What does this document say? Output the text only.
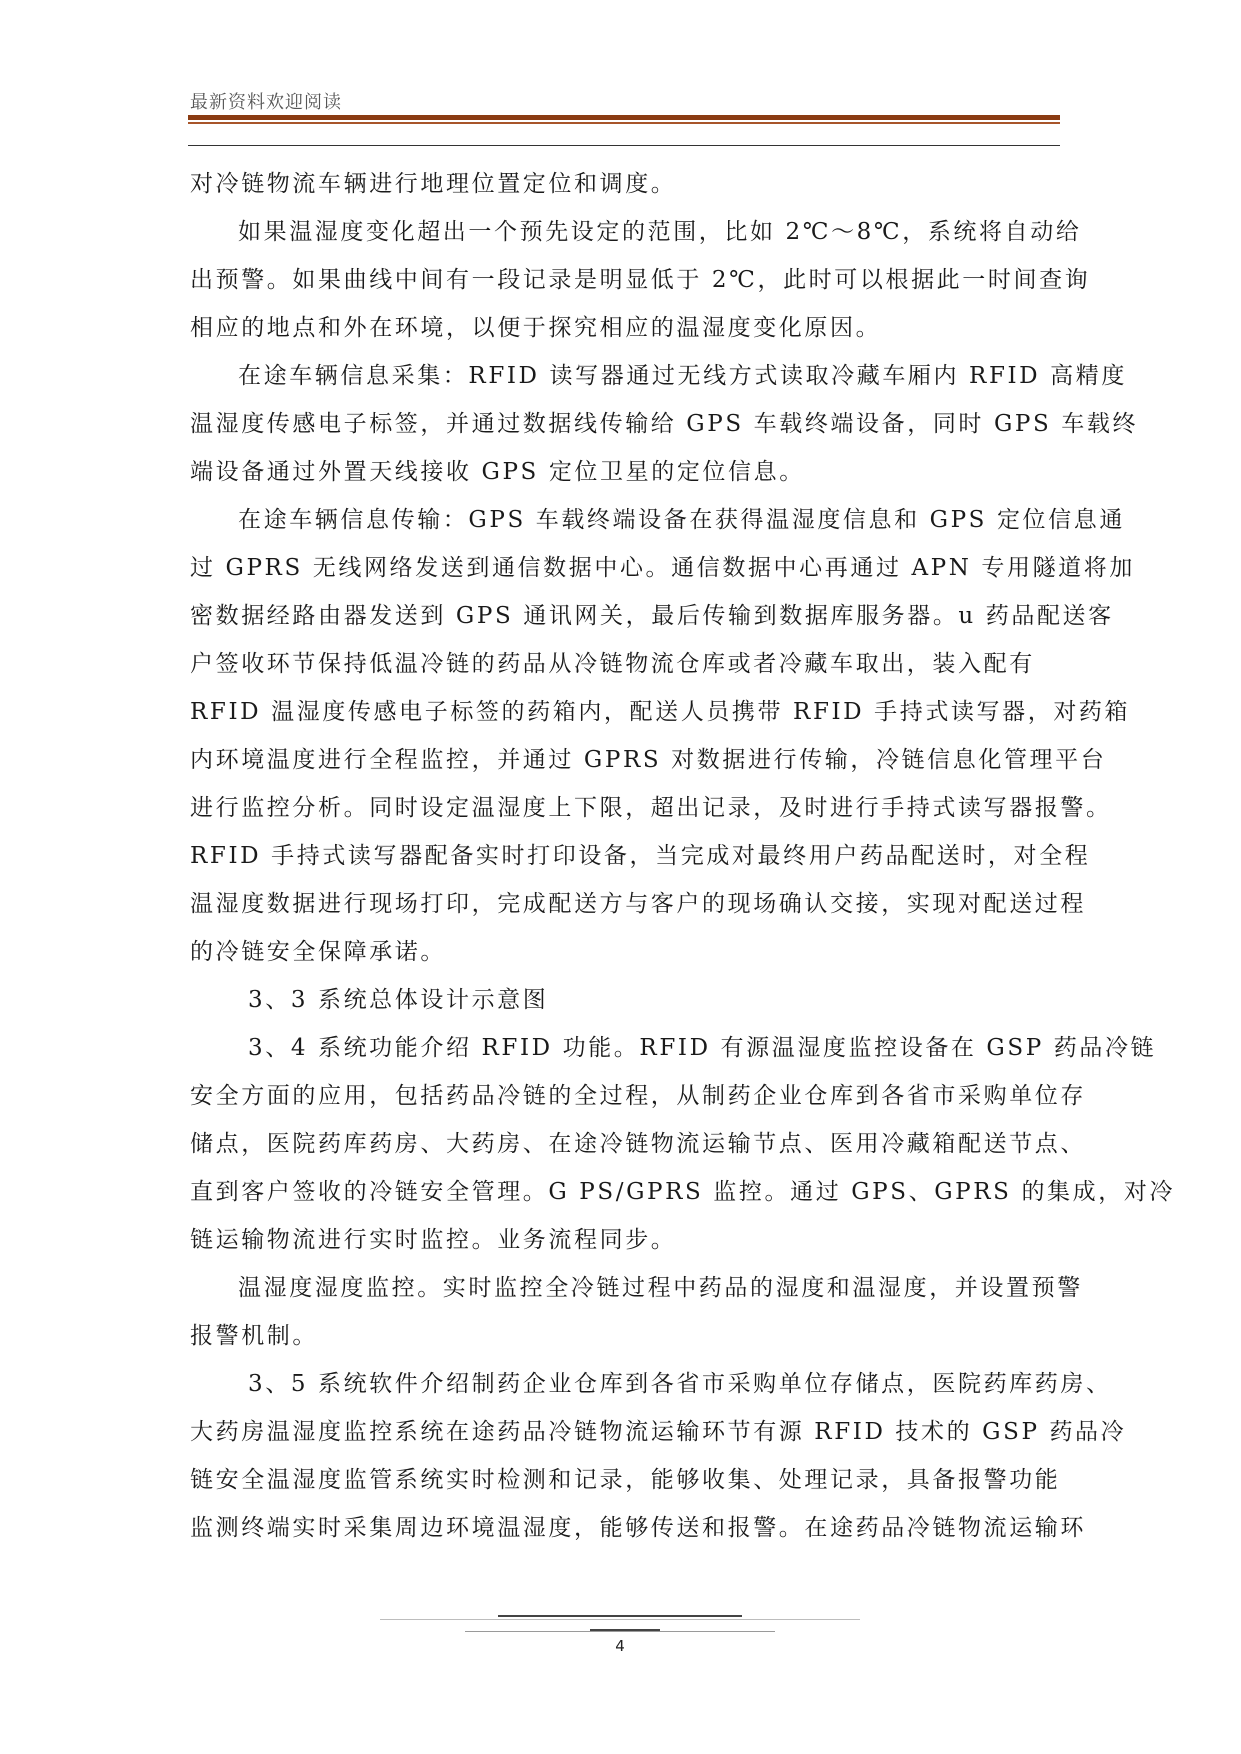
最新资料欢迎阅读
对冷链物流车辆进行地理位置定位和调度。
如果温湿度变化超出一个预先设定的范围，比如 2℃～8℃，系统将自动给
出预警。如果曲线中间有一段记录是明显低于 2℃，此时可以根据此一时间查询
相应的地点和外在环境，以便于探究相应的温湿度变化原因。
在途车辆信息采集：RFID 读写器通过无线方式读取冷藏车厢内 RFID 高精度
温湿度传感电子标签，并通过数据线传输给 GPS 车载终端设备，同时 GPS 车载终
端设备通过外置天线接收 GPS 定位卫星的定位信息。
在途车辆信息传输：GPS 车载终端设备在获得温湿度信息和 GPS 定位信息通
过 GPRS 无线网络发送到通信数据中心。通信数据中心再通过 APN 专用隧道将加
密数据经路由器发送到 GPS 通讯网关，最后传输到数据库服务器。u 药品配送客
户签收环节保持低温冷链的药品从冷链物流仓库或者冷藏车取出，装入配有
RFID 温湿度传感电子标签的药箱内，配送人员携带 RFID 手持式读写器，对药箱
内环境温度进行全程监控，并通过 GPRS 对数据进行传输，冷链信息化管理平台
进行监控分析。同时设定温湿度上下限，超出记录，及时进行手持式读写器报警。
RFID 手持式读写器配备实时打印设备，当完成对最终用户药品配送时，对全程
温湿度数据进行现场打印，完成配送方与客户的现场确认交接，实现对配送过程
的冷链安全保障承诺。
3、3 系统总体设计示意图
3、4 系统功能介绍 RFID 功能。RFID 有源温湿度监控设备在 GSP 药品冷链
安全方面的应用，包括药品冷链的全过程，从制药企业仓库到各省市采购单位存
储点，医院药库药房、大药房、在途冷链物流运输节点、医用冷藏箱配送节点、
直到客户签收的冷链安全管理。G PS/GPRS 监控。通过 GPS、GPRS 的集成，对冷
链运输物流进行实时监控。业务流程同步。
温湿度湿度监控。实时监控全冷链过程中药品的湿度和温湿度，并设置预警
报警机制。
3、5 系统软件介绍制药企业仓库到各省市采购单位存储点，医院药库药房、
大药房温湿度监控系统在途药品冷链物流运输环节有源 RFID 技术的 GSP 药品冷
链安全温湿度监管系统实时检测和记录，能够收集、处理记录，具备报警功能
监测终端实时采集周边环境温湿度，能够传送和报警。在途药品冷链物流运输环
4
